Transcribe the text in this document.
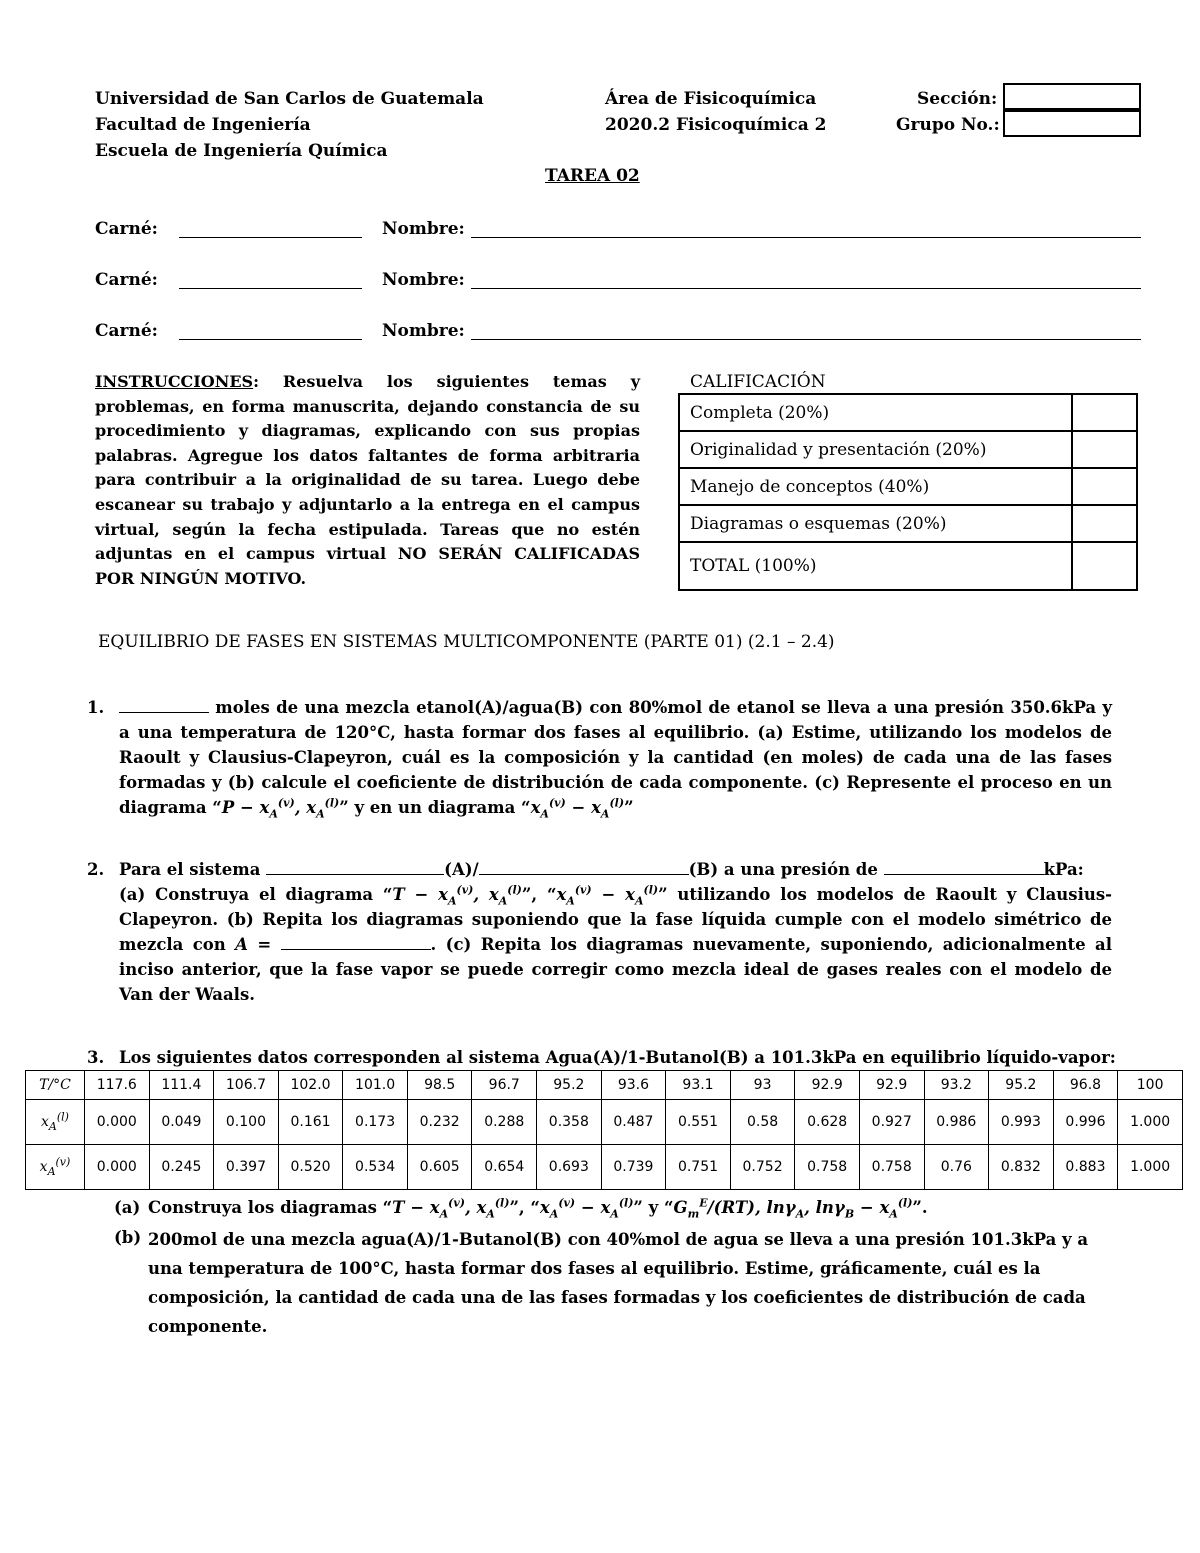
Universidad de San Carlos de Guatemala
Facultad de Ingeniería
Escuela de Ingeniería Química
Área de Fisicoquímica
2020.2 Fisicoquímica 2
Sección:
Grupo No.:
TAREA 02
Carné:	Nombre:
Carné:	Nombre:
Carné:	Nombre:
INSTRUCCIONES: Resuelva los siguientes temas y problemas, en forma manuscrita, dejando constancia de su procedimiento y diagramas, explicando con sus propias palabras. Agregue los datos faltantes de forma arbitraria para contribuir a la originalidad de su tarea. Luego debe escanear su trabajo y adjuntarlo a la entrega en el campus virtual, según la fecha estipulada. Tareas que no estén adjuntas en el campus virtual NO SERÁN CALIFICADAS POR NINGÚN MOTIVO.
CALIFICACIÓN
Completa (20%)	
Originalidad y presentación (20%)	
Manejo de conceptos (40%)	
Diagramas o esquemas (20%)	
TOTAL (100%)	
EQUILIBRIO DE FASES EN SISTEMAS MULTICOMPONENTE (PARTE 01) (2.1 – 2.4)
1.	moles de una mezcla etanol(A)/agua(B) con 80%mol de etanol se lleva a una presión 350.6kPa y a una temperatura de 120°C, hasta formar dos fases al equilibrio. (a) Estime, utilizando los modelos de Raoult y Clausius-Clapeyron, cuál es la composición y la cantidad (en moles) de cada una de las fases formadas y (b) calcule el coeficiente de distribución de cada componente. (c) Represente el proceso en un diagrama “$P - x_A^{(v)}$, $x_A^{(l)}$” y en un diagrama “$x_A^{(v)} - x_A^{(l)}$”
2. Para el sistema	(A)/	(B) a una presión de	kPa:
(a) Construya el diagrama “$T - x_A^{(v)}$, $x_A^{(l)}$”, “$x_A^{(v)} - x_A^{(l)}$” utilizando los modelos de Raoult y Clausius-Clapeyron. (b) Repita los diagramas suponiendo que la fase líquida cumple con el modelo simétrico de mezcla con A =	. (c) Repita los diagramas nuevamente, suponiendo, adicionalmente al inciso anterior, que la fase vapor se puede corregir como mezcla ideal de gases reales con el modelo de Van der Waals.
3. Los siguientes datos corresponden al sistema Agua(A)/1-Butanol(B) a 101.3kPa en equilibrio líquido-vapor:
T/°C	117.6	111.4	106.7	102.0	101.0	98.5	96.7	95.2	93.6	93.1	93	92.9	92.9	93.2	95.2	96.8	100
$x_A^{(l)}$	0.000	0.049	0.100	0.161	0.173	0.232	0.288	0.358	0.487	0.551	0.58	0.628	0.927	0.986	0.993	0.996	1.000
$x_A^{(v)}$	0.000	0.245	0.397	0.520	0.534	0.605	0.654	0.693	0.739	0.751	0.752	0.758	0.758	0.76	0.832	0.883	1.000
(a) Construya los diagramas “$T - x_A^{(v)}$, $x_A^{(l)}$”, “$x_A^{(v)} - x_A^{(l)}$” y “$G_m^E/(RT)$, lnγ$_A$, $\ln\gamma_B - x_A^{(l)}$”.
(b) 200mol de una mezcla agua(A)/1-Butanol(B) con 40%mol de agua se lleva a una presión 101.3kPa y a una temperatura de 100°C, hasta formar dos fases al equilibrio. Estime, gráficamente, cuál es la composición, la cantidad de cada una de las fases formadas y los coeficientes de distribución de cada componente.
